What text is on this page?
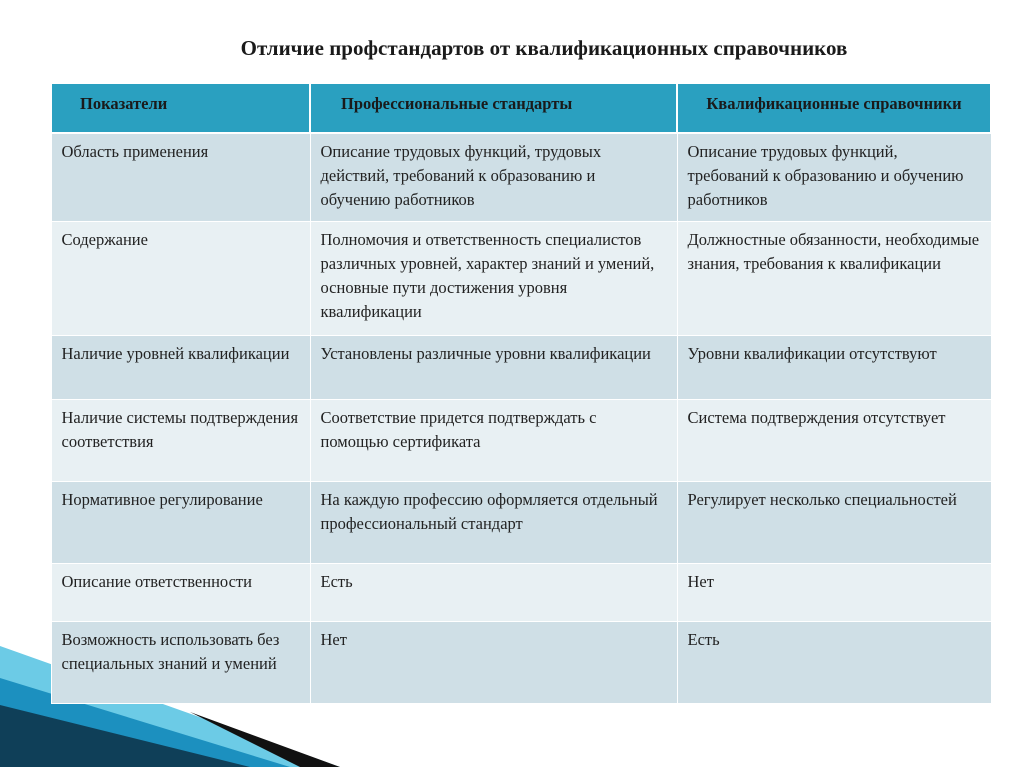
Отличие профстандартов от квалификационных справочников
Показатели	Профессиональные стандарты	Квалификационные справочники
Область применения	Описание трудовых функций, трудовых действий, требований к образованию и обучению работников	Описание трудовых функций, требований к образованию и обучению работников
Содержание	Полномочия и ответственность специалистов различных уровней, характер знаний и умений, основные пути достижения уровня квалификации	Должностные обязанности, необходимые знания, требования к квалификации
Наличие уровней квалификации	Установлены различные уровни квалификации	Уровни квалификации отсутствуют
Наличие системы подтверждения соответствия	Соответствие придется подтверждать с помощью сертификата	Система подтверждения отсутствует
Нормативное регулирование	На каждую профессию оформляется отдельный профессиональный стандарт	Регулирует несколько специальностей
Описание ответственности	Есть	Нет
Возможность использовать без специальных знаний и умений	Нет	Есть
